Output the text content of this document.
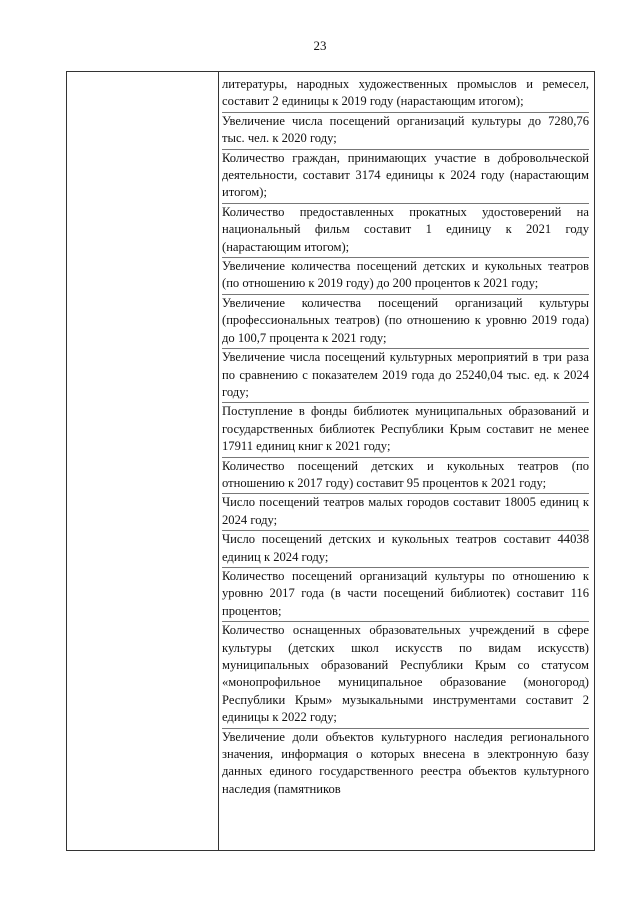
23

литературы, народных художественных промыслов и ремесел, составит 2 единицы к 2019 году (нарастающим итогом);

Увеличение числа посещений организаций культуры до 7280,76 тыс. чел. к 2020 году;

Количество граждан, принимающих участие в добровольческой деятельности, составит 3174 единицы к 2024 году (нарастающим итогом);

Количество предоставленных прокатных удостоверений на национальный фильм составит 1 единицу к 2021 году (нарастающим итогом);

Увеличение количества посещений детских и кукольных театров (по отношению к 2019 году) до 200 процентов к 2021 году;

Увеличение количества посещений организаций культуры (профессиональных театров) (по отношению к уровню 2019 года) до 100,7 процента к 2021 году;

Увеличение числа посещений культурных мероприятий в три раза по сравнению с показателем 2019 года до 25240,04 тыс. ед. к 2024 году;

Поступление в фонды библиотек муниципальных образований и государственных библиотек Республики Крым составит не менее 17911 единиц книг к 2021 году;

Количество посещений детских и кукольных театров (по отношению к 2017 году) составит 95 процентов к 2021 году;

Число посещений театров малых городов составит 18005 единиц к 2024 году;

Число посещений детских и кукольных театров составит 44038 единиц к 2024 году;

Количество посещений организаций культуры по отношению к уровню 2017 года (в части посещений библиотек) составит 116 процентов;

Количество оснащенных образовательных учреждений в сфере культуры (детских школ искусств по видам искусств) муниципальных образований Республики Крым со статусом «монопрофильное муниципальное образование (моногород) Республики Крым» музыкальными инструментами составит 2 единицы к 2022 году;

Увеличение доли объектов культурного наследия регионального значения, информация о которых внесена в электронную базу данных единого государственного реестра объектов культурного наследия (памятников
